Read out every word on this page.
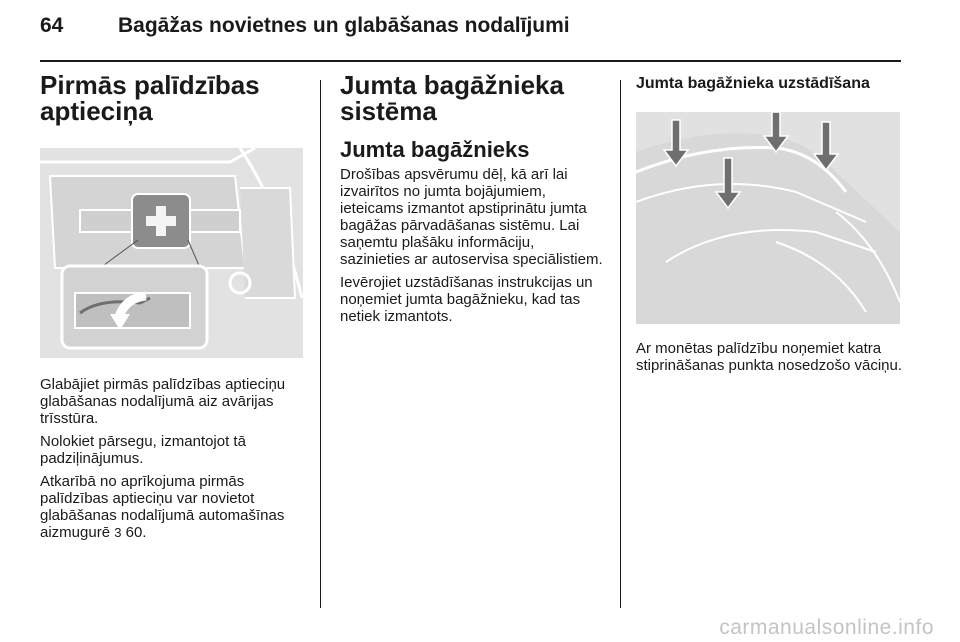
64	Bagāžas novietnes un glabāšanas nodalījumi
Pirmās palīdzības aptieciņa

Glabājiet pirmās palīdzības aptieciņu glabāšanas nodalījumā aiz avārijas trīsstūra.

Nolokiet pārsegu, izmantojot tā padziļinājumus.

Atkarībā no aprīkojuma pirmās palīdzības aptieciņu var novietot glabāšanas nodalījumā automašīnas aizmugurē 3 60.

Jumta bagāžnieka sistēma
Jumta bagāžnieks

Drošības apsvērumu dēļ, kā arī lai izvairītos no jumta bojājumiem, ieteicams izmantot apstiprinātu jumta bagāžas pārvadāšanas sistēmu. Lai saņemtu plašāku informāciju, sazinieties ar autoservisa speciālistiem.

Ievērojiet uzstādīšanas instrukcijas un noņemiet jumta bagāžnieku, kad tas netiek izmantots.

Jumta bagāžnieka uzstādīšana

Ar monētas palīdzību noņemiet katra stiprināšanas punkta nosedzošo vāciņu.

carmanualsonline.info
